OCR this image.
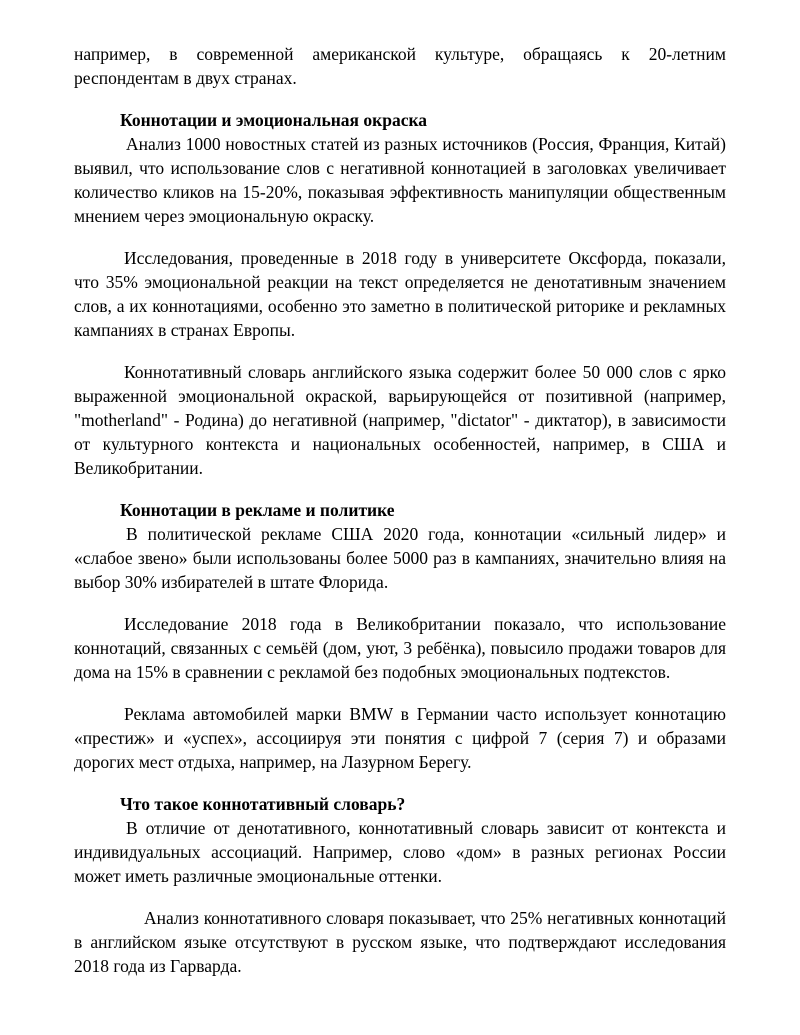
например, в современной американской культуре, обращаясь к 20-летним респондентам в двух странах.

Коннотации и эмоциональная окраска

Анализ 1000 новостных статей из разных источников (Россия, Франция, Китай) выявил, что использование слов с негативной коннотацией в заголовках увеличивает количество кликов на 15-20%, показывая эффективность манипуляции общественным мнением через эмоциональную окраску.

Исследования, проведенные в 2018 году в университете Оксфорда, показали, что 35% эмоциональной реакции на текст определяется не денотативным значением слов, а их коннотациями, особенно это заметно в политической риторике и рекламных кампаниях в странах Европы.

Коннотативный словарь английского языка содержит более 50 000 слов с ярко выраженной эмоциональной окраской, варьирующейся от позитивной (например, "motherland" - Родина) до негативной (например, "dictator" - диктатор), в зависимости от культурного контекста и национальных особенностей, например, в США и Великобритании.

Коннотации в рекламе и политике

В политической рекламе США 2020 года, коннотации «сильный лидер» и «слабое звено» были использованы более 5000 раз в кампаниях, значительно влияя на выбор 30% избирателей в штате Флорида.

Исследование 2018 года в Великобритании показало, что использование коннотаций, связанных с семьёй (дом, уют, 3 ребёнка), повысило продажи товаров для дома на 15% в сравнении с рекламой без подобных эмоциональных подтекстов.

Реклама автомобилей марки BMW в Германии часто использует коннотацию «престиж» и «успех», ассоциируя эти понятия с цифрой 7 (серия 7) и образами дорогих мест отдыха, например, на Лазурном Берегу.

Что такое коннотативный словарь?

В отличие от денотативного, коннотативный словарь зависит от контекста и индивидуальных ассоциаций. Например, слово «дом» в разных регионах России может иметь различные эмоциональные оттенки.

Анализ коннотативного словаря показывает, что 25% негативных коннотаций в английском языке отсутствуют в русском языке, что подтверждают исследования 2018 года из Гарварда.
